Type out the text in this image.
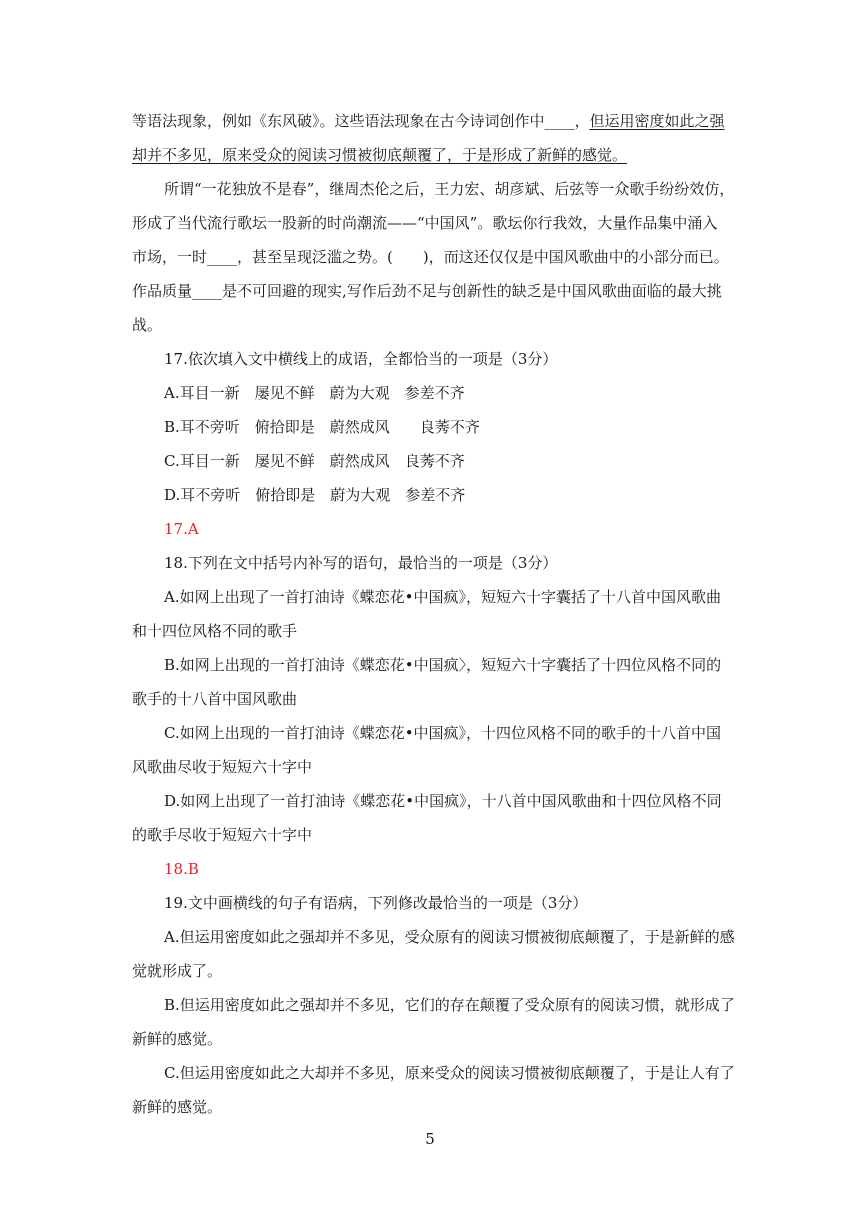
等语法现象，例如《东风破》。这些语法现象在古今诗词创作中____，但运用密度如此之强
却并不多见，原来受众的阅读习惯被彻底颠覆了，于是形成了新鲜的感觉。
所谓“一花独放不是春”，继周杰伦之后，王力宏、胡彦斌、后弦等一众歌手纷纷效仿，
形成了当代流行歌坛一股新的时尚潮流——“中国风”。歌坛你行我效，大量作品集中涌入
市场，一时____，甚至呈现泛滥之势。(　　)，而这还仅仅是中国风歌曲中的小部分而已。
作品质量____是不可回避的现实,写作后劲不足与创新性的缺乏是中国风歌曲面临的最大挑
战。
17.依次填入文中横线上的成语，全都恰当的一项是（3分）
A.耳目一新　屡见不鲜　蔚为大观　参差不齐
B.耳不旁听　俯拾即是　蔚然成风　　良莠不齐
C.耳目一新　屡见不鲜　蔚然成风　良莠不齐
D.耳不旁听　俯拾即是　蔚为大观　参差不齐
17.A
18.下列在文中括号内补写的语句，最恰当的一项是（3分）
A.如网上出现了一首打油诗《蝶恋花•中国疯》，短短六十字囊括了十八首中国风歌曲
和十四位风格不同的歌手
B.如网上出现的一首打油诗《蝶恋花•中国疯〉，短短六十字囊括了十四位风格不同的
歌手的十八首中国风歌曲
C.如网上出现的一首打油诗《蝶恋花•中国疯》，十四位风格不同的歌手的十八首中国
风歌曲尽收于短短六十字中
D.如网上出现了一首打油诗《蝶恋花•中国疯》，十八首中国风歌曲和十四位风格不同
的歌手尽收于短短六十字中
18.B
19.文中画横线的句子有语病，下列修改最恰当的一项是（3分）
A.但运用密度如此之强却并不多见，受众原有的阅读习惯被彻底颠覆了，于是新鲜的感
觉就形成了。
B.但运用密度如此之强却并不多见，它们的存在颠覆了受众原有的阅读习惯，就形成了
新鲜的感觉。
C.但运用密度如此之大却并不多见，原来受众的阅读习惯被彻底颠覆了，于是让人有了
新鲜的感觉。
5
